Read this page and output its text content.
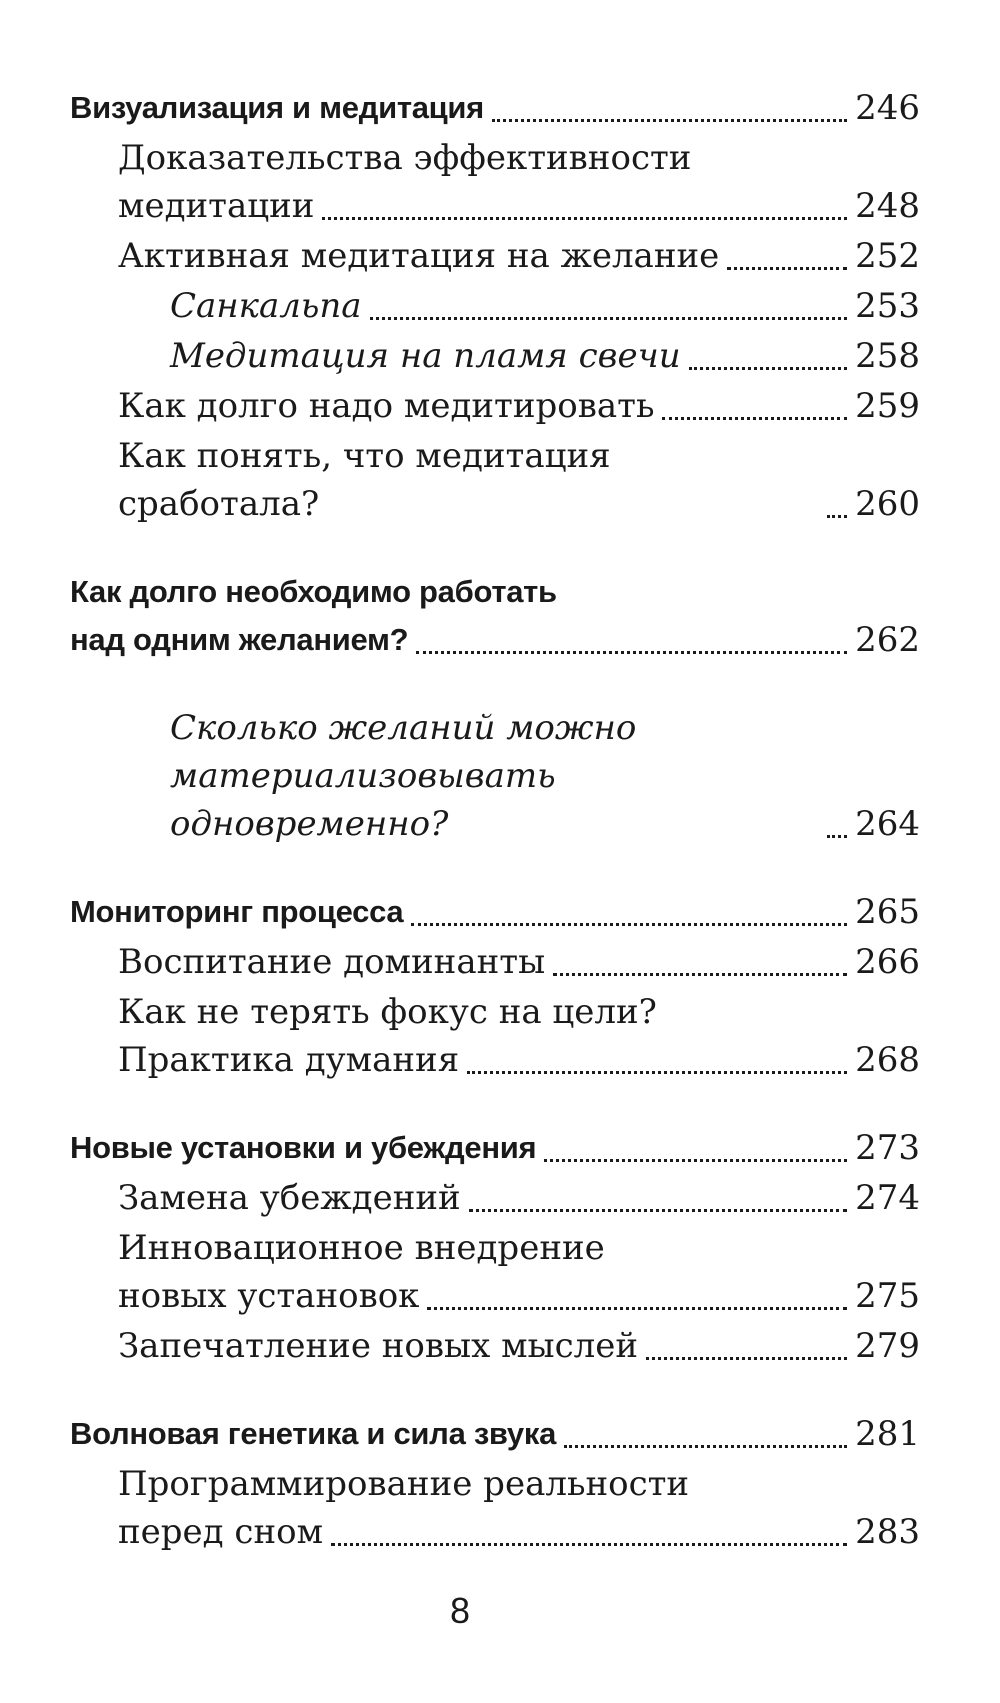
Визуализация и медитация	246
Доказательства эффективности
медитации	248
Активная медитация на желание	252
Санкальпа	253
Медитация на пламя свечи	258
Как долго надо медитировать	259
Как понять, что медитация сработала?	260
Как долго необходимо работать
над одним желанием?	262
Сколько желаний можно
материализовывать одновременно?	264
Мониторинг процесса	265
Воспитание доминанты	266
Как не терять фокус на цели?
Практика думания	268
Новые установки и убеждения	273
Замена убеждений	274
Инновационное внедрение
новых установок	275
Запечатление новых мыслей	279
Волновая генетика и сила звука	281
Программирование реальности
перед сном	283
8
